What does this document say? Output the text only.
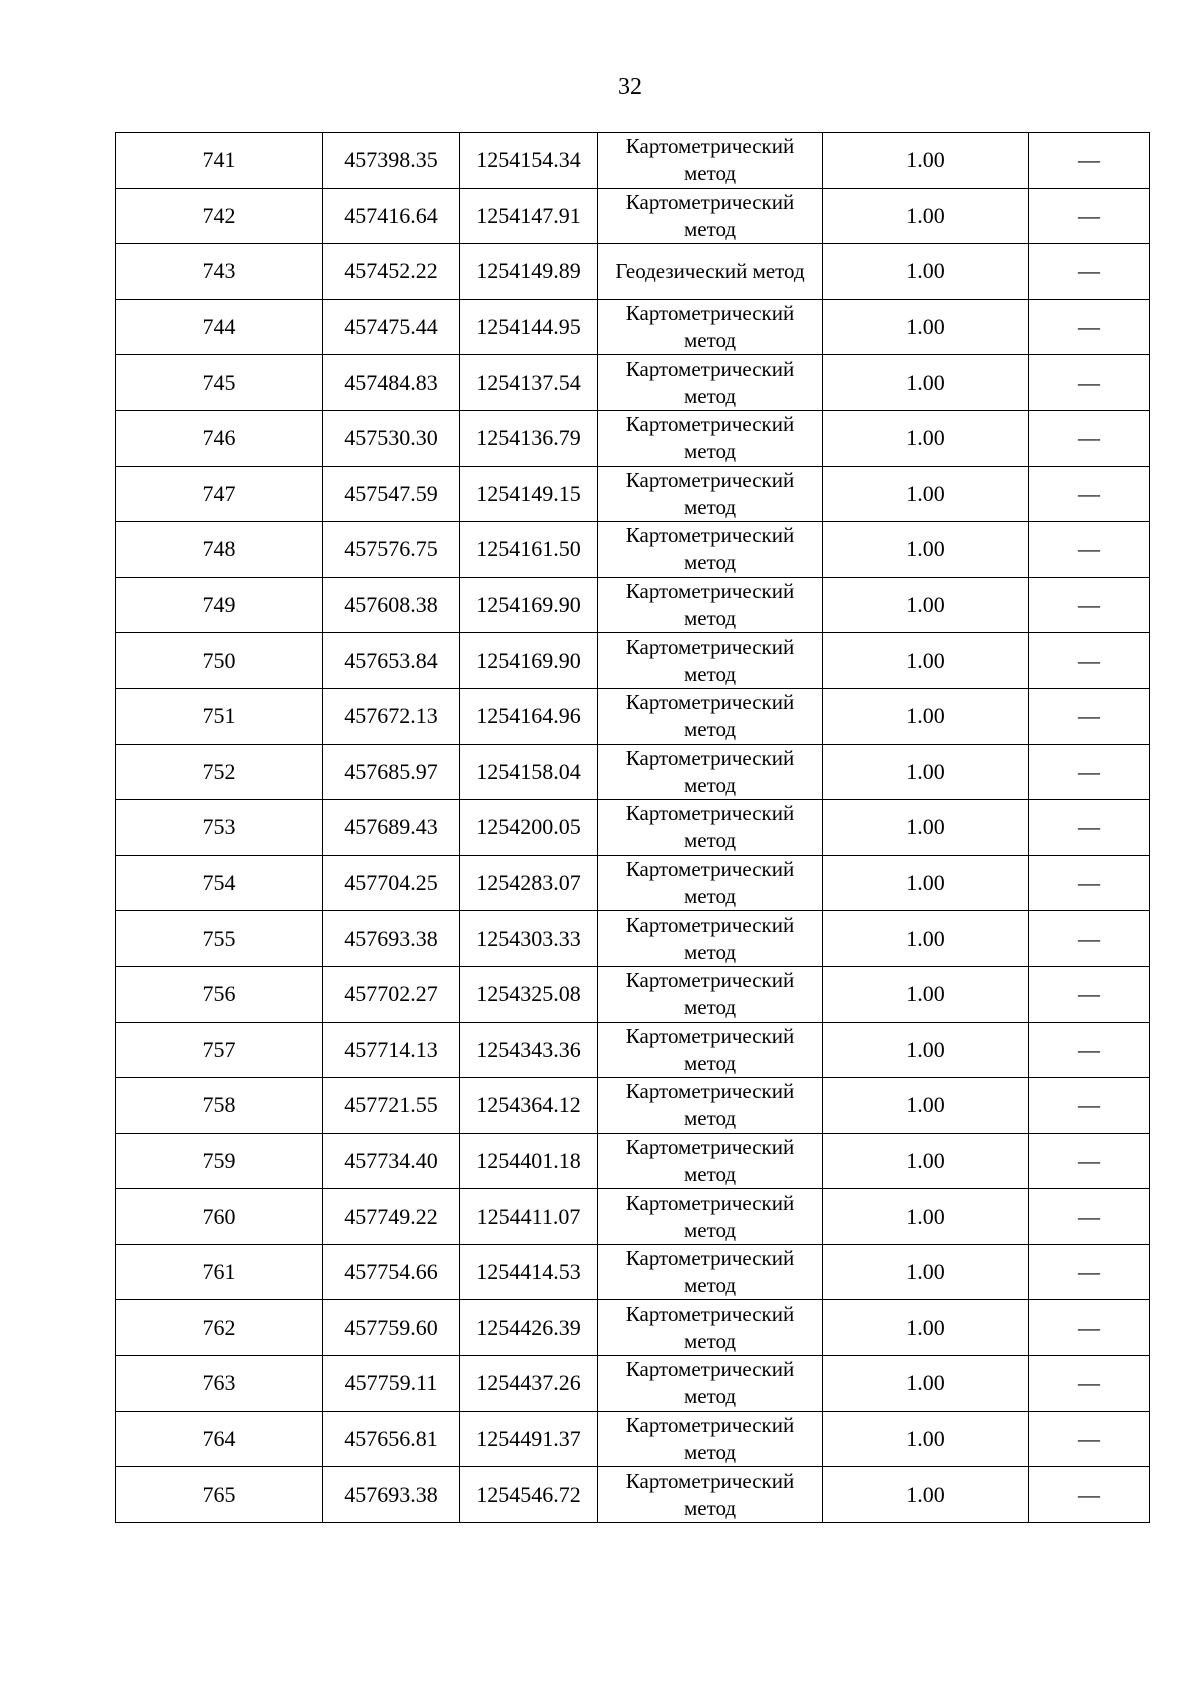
32
741	457398.35	1254154.34	Картометрический метод	1.00	—
742	457416.64	1254147.91	Картометрический метод	1.00	—
743	457452.22	1254149.89	Геодезический метод	1.00	—
744	457475.44	1254144.95	Картометрический метод	1.00	—
745	457484.83	1254137.54	Картометрический метод	1.00	—
746	457530.30	1254136.79	Картометрический метод	1.00	—
747	457547.59	1254149.15	Картометрический метод	1.00	—
748	457576.75	1254161.50	Картометрический метод	1.00	—
749	457608.38	1254169.90	Картометрический метод	1.00	—
750	457653.84	1254169.90	Картометрический метод	1.00	—
751	457672.13	1254164.96	Картометрический метод	1.00	—
752	457685.97	1254158.04	Картометрический метод	1.00	—
753	457689.43	1254200.05	Картометрический метод	1.00	—
754	457704.25	1254283.07	Картометрический метод	1.00	—
755	457693.38	1254303.33	Картометрический метод	1.00	—
756	457702.27	1254325.08	Картометрический метод	1.00	—
757	457714.13	1254343.36	Картометрический метод	1.00	—
758	457721.55	1254364.12	Картометрический метод	1.00	—
759	457734.40	1254401.18	Картометрический метод	1.00	—
760	457749.22	1254411.07	Картометрический метод	1.00	—
761	457754.66	1254414.53	Картометрический метод	1.00	—
762	457759.60	1254426.39	Картометрический метод	1.00	—
763	457759.11	1254437.26	Картометрический метод	1.00	—
764	457656.81	1254491.37	Картометрический метод	1.00	—
765	457693.38	1254546.72	Картометрический метод	1.00	—
